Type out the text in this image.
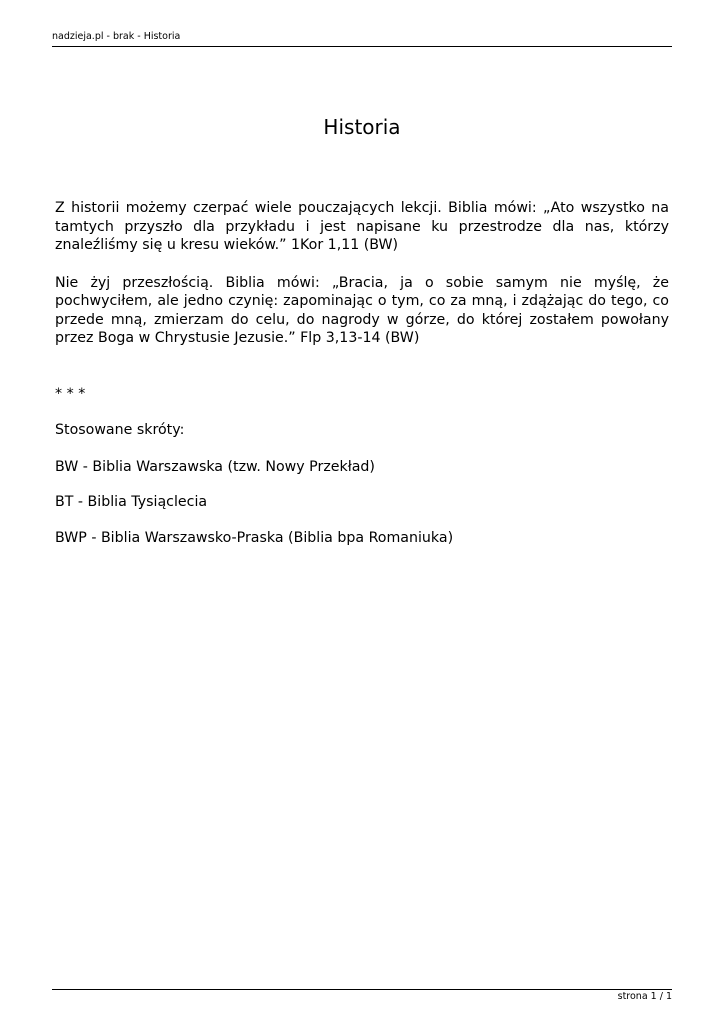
nadzieja.pl - brak - Historia
Historia

Z historii możemy czerpać wiele pouczających lekcji. Biblia mówi: „Ato wszystko na tamtych przyszło dla przykładu i jest napisane ku przestrodze dla nas, którzy znaleźliśmy się u kresu wieków.” 1Kor 1,11 (BW)

Nie żyj przeszłością. Biblia mówi: „Bracia, ja o sobie samym nie myślę, że pochwyciłem, ale jedno czynię: zapominając o tym, co za mną, i zdążając do tego, co przede mną, zmierzam do celu, do nagrody w górze, do której zostałem powołany przez Boga w Chrystusie Jezusie.” Flp 3,13-14 (BW)

* * *

Stosowane skróty:

BW - Biblia Warszawska (tzw. Nowy Przekład)

BT - Biblia Tysiąclecia

BWP - Biblia Warszawsko-Praska (Biblia bpa Romaniuka)

strona 1 / 1
